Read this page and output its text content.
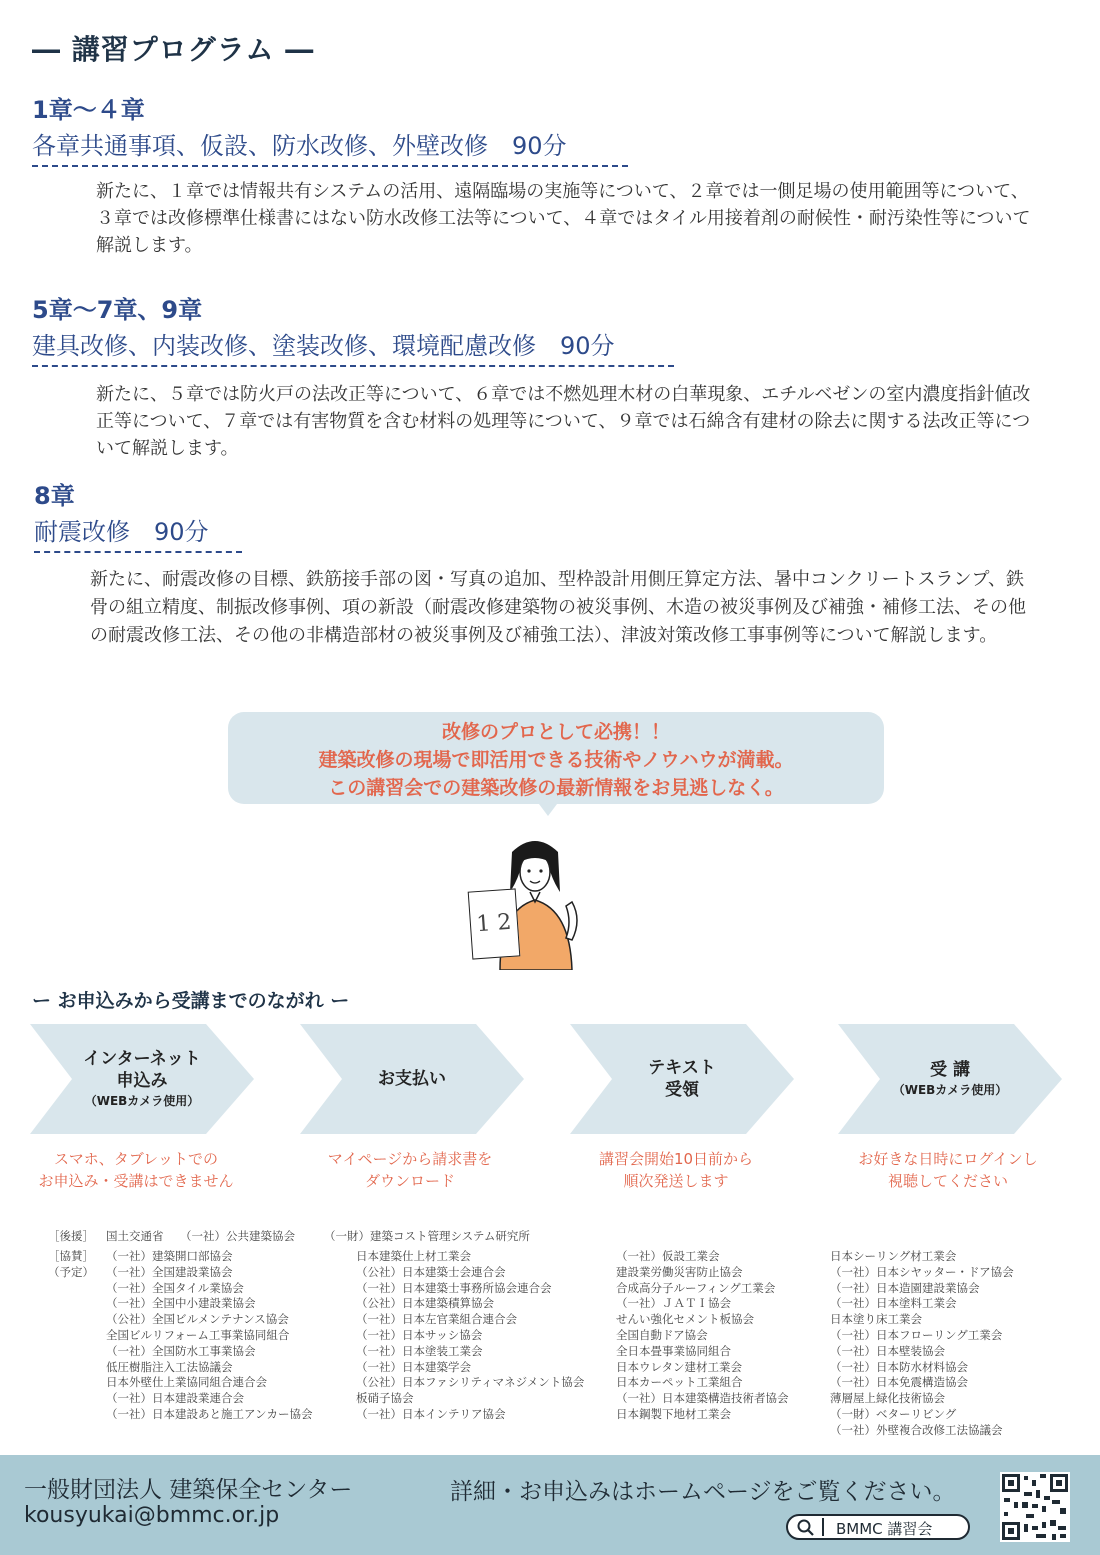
― 講習プログラム ―
1章～４章
各章共通事項、仮設、防水改修、外壁改修　90分
新たに、１章では情報共有システムの活用、遠隔臨場の実施等について、２章では一側足場の使用範囲等について、３章では改修標準仕様書にはない防水改修工法等について、４章ではタイル用接着剤の耐候性・耐汚染性等について解説します。
5章～7章、9章
建具改修、内装改修、塗装改修、環境配慮改修　90分
新たに、５章では防火戸の法改正等について、６章では不燃処理木材の白華現象、エチルベゼンの室内濃度指針値改正等について、７章では有害物質を含む材料の処理等について、９章では石綿含有建材の除去に関する法改正等について解説します。
8章
耐震改修　90分
新たに、耐震改修の目標、鉄筋接手部の図・写真の追加、型枠設計用側圧算定方法、暑中コンクリートスランプ、鉄骨の組立精度、制振改修事例、項の新設（耐震改修建築物の被災事例、木造の被災事例及び補強・補修工法、その他の耐震改修工法、その他の非構造部材の被災事例及び補強工法）、津波対策改修工事事例等について解説します。
改修のプロとして必携！！
建築改修の現場で即活用できる技術やノウハウが満載。
この講習会での建築改修の最新情報をお見逃しなく。
1 2
ー お申込みから受講までのながれ ー
インターネット
申込み
（WEBカメラ使用）
スマホ、タブレットでの
お申込み・受講はできません
お支払い
マイページから請求書を
ダウンロード
テキスト
受領
講習会開始10日前から
順次発送します
受 講
（WEBカメラ使用）
お好きな日時にログインし
視聴してください
［後援］ 国土交通省 （一社）公共建築協会	（一財）建築コスト管理システム研究所
［協賛］
（予定）
（一社）建築開口部協会
（一社）全国建設業協会
（一社）全国タイル業協会
（一社）全国中小建設業協会
（公社）全国ビルメンテナンス協会
全国ビルリフォーム工事業協同組合
（一社）全国防水工事業協会
低圧樹脂注入工法協議会
日本外壁仕上業協同組合連合会
（一社）日本建設業連合会
（一社）日本建設あと施工アンカー協会
日本建築仕上材工業会
（公社）日本建築士会連合会
（一社）日本建築士事務所協会連合会
（公社）日本建築積算協会
（一社）日本左官業組合連合会
（一社）日本サッシ協会
（一社）日本塗装工業会
（一社）日本建築学会
（公社）日本ファシリティマネジメント協会
板硝子協会
（一社）日本インテリア協会
（一社）仮設工業会
建設業労働災害防止協会
合成高分子ルーフィング工業会
（一社）ＪＡＴＩ協会
せんい強化セメント板協会
全国自動ドア協会
全日本畳事業協同組合
日本ウレタン建材工業会
日本カーペット工業組合
（一社）日本建築構造技術者協会
日本鋼製下地材工業会
日本シーリング材工業会
（一社）日本シヤッター・ドア協会
（一社）日本造園建設業協会
（一社）日本塗料工業会
日本塗り床工業会
（一社）日本フローリング工業会
（一社）日本壁装協会
（一社）日本防水材料協会
（一社）日本免震構造協会
薄層屋上緑化技術協会
（一財）ベターリビング
（一社）外壁複合改修工法協議会
一般財団法人 建築保全センター
kousyukai@bmmc.or.jp
詳細・お申込みはホームページをご覧ください。
BMMC 講習会
